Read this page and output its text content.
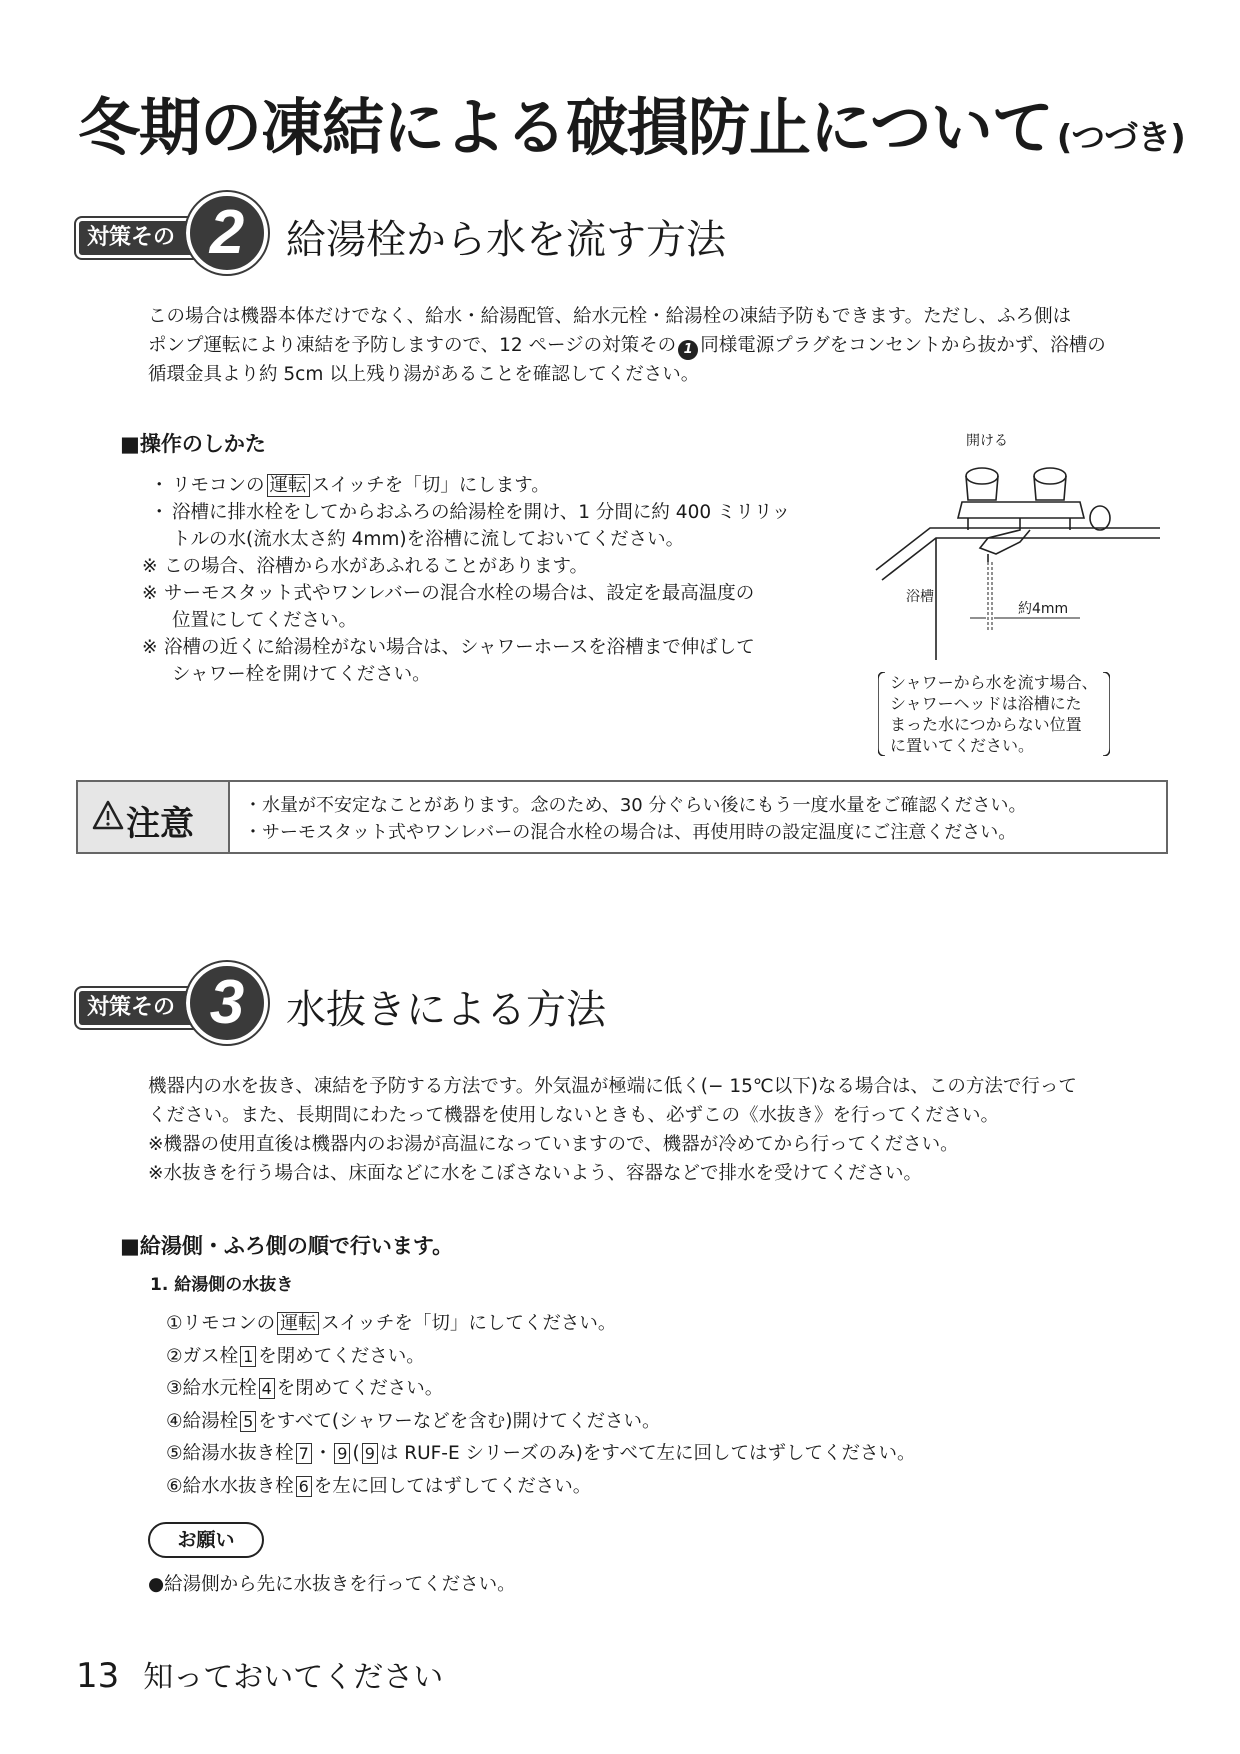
冬期の凍結による破損防止について (つづき)
対策その 2	給湯栓から水を流す方法

この場合は機器本体だけでなく、給水・給湯配管、給水元栓・給湯栓の凍結予防もできます。ただし、ふろ側は

ポンプ運転により凍結を予防しますので、12 ページの対策その 1 同様電源プラグをコンセントから抜かず、浴槽の

循環金具より約 5cm 以上残り湯があることを確認してください。

■操作のしかた
・ リモコンの 運転 スイッチを「切」にします。
・ 浴槽に排水栓をしてからおふろの給湯栓を開け、1 分間に約 400 ミリリッ
トルの水(流水太さ約 4mm)を浴槽に流しておいてください。
※ この場合、浴槽から水があふれることがあります。
※ サーモスタット式やワンレバーの混合水栓の場合は、設定を最高温度の
位置にしてください。
※ 浴槽の近くに給湯栓がない場合は、シャワーホースを浴槽まで伸ばして
シャワー栓を開けてください。
開ける
浴槽
約4mm
シャワーから水を流す場合、
シャワーヘッドは浴槽にた
まった水につからない位置
に置いてください。
注意	・水量が不安定なことがあります。念のため、30 分ぐらい後にもう一度水量をご確認ください。
・サーモスタット式やワンレバーの混合水栓の場合は、再使用時の設定温度にご注意ください。
対策その 3	水抜きによる方法

機器内の水を抜き、凍結を予防する方法です。外気温が極端に低く(− 15℃以下)なる場合は、この方法で行って

ください。また、長期間にわたって機器を使用しないときも、必ずこの《水抜き》を行ってください。

※機器の使用直後は機器内のお湯が高温になっていますので、機器が冷めてから行ってください。

※水抜きを行う場合は、床面などに水をこぼさないよう、容器などで排水を受けてください。

■給湯側・ふろ側の順で行います。
1. 給湯側の水抜き

①リモコンの 運転 スイッチを「切」にしてください。

②ガス栓 1 を閉めてください。

③給水元栓 4 を閉めてください。

④給湯栓 5 をすべて(シャワーなどを含む)開けてください。

⑤給湯水抜き栓 7 ・ 9 ( 9 は RUF-E シリーズのみ)をすべて左に回してはずしてください。

⑥給水水抜き栓 6 を左に回してはずしてください。

お願い
●給湯側から先に水抜きを行ってください。
13 知っておいてください
